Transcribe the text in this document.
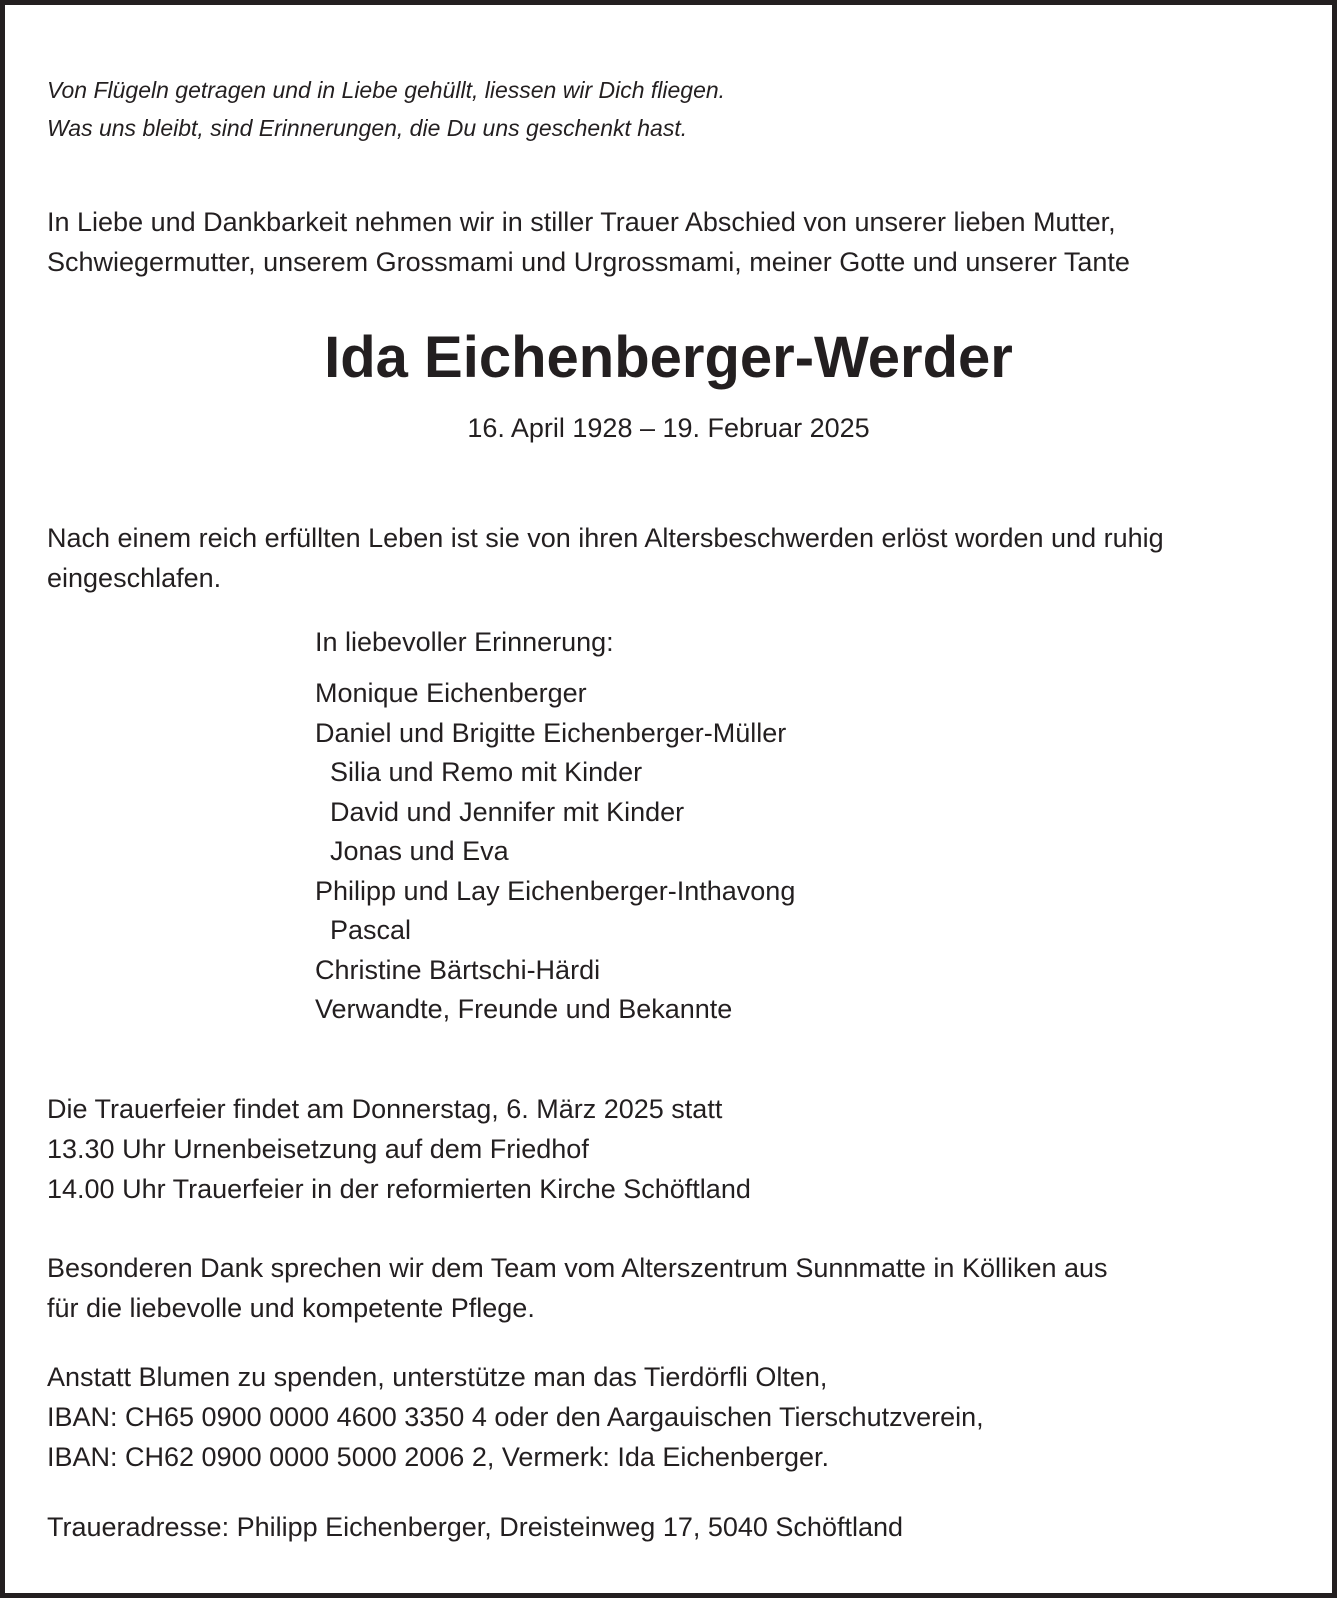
Von Flügeln getragen und in Liebe gehüllt, liessen wir Dich fliegen.
Was uns bleibt, sind Erinnerungen, die Du uns geschenkt hast.
In Liebe und Dankbarkeit nehmen wir in stiller Trauer Abschied von unserer lieben Mutter,
Schwiegermutter, unserem Grossmami und Urgrossmami, meiner Gotte und unserer Tante
Ida Eichenberger-Werder
16. April 1928 – 19. Februar 2025
Nach einem reich erfüllten Leben ist sie von ihren Altersbeschwerden erlöst worden und ruhig
eingeschlafen.
In liebevoller Erinnerung:
Monique Eichenberger
Daniel und Brigitte Eichenberger-Müller
Silia und Remo mit Kinder
David und Jennifer mit Kinder
Jonas und Eva
Philipp und Lay Eichenberger-Inthavong
Pascal
Christine Bärtschi-Härdi
Verwandte, Freunde und Bekannte
Die Trauerfeier findet am Donnerstag, 6. März 2025 statt
13.30 Uhr Urnenbeisetzung auf dem Friedhof
14.00 Uhr Trauerfeier in der reformierten Kirche Schöftland
Besonderen Dank sprechen wir dem Team vom Alterszentrum Sunnmatte in Kölliken aus
für die liebevolle und kompetente Pflege.
Anstatt Blumen zu spenden, unterstütze man das Tierdörfli Olten,
IBAN: CH65 0900 0000 4600 3350 4 oder den Aargauischen Tierschutzverein,
IBAN: CH62 0900 0000 5000 2006 2, Vermerk: Ida Eichenberger.
Traueradresse: Philipp Eichenberger, Dreisteinweg 17, 5040 Schöftland
